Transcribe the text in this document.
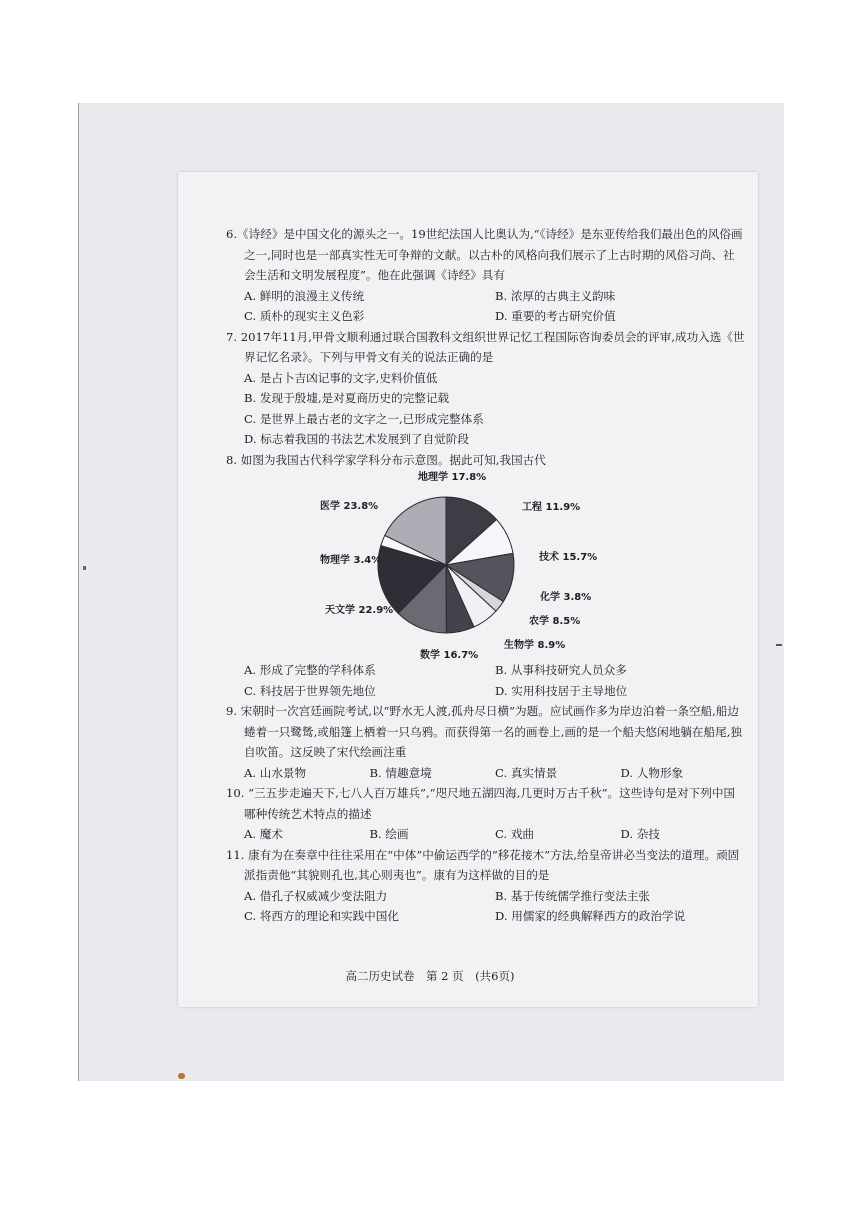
6.《诗经》是中国文化的源头之一。19世纪法国人比奥认为,“《诗经》是东亚传给我们最出色的风俗画之一,同时也是一部真实性无可争辩的文献。以古朴的风格向我们展示了上古时期的风俗习尚、社会生活和文明发展程度”。他在此强调《诗经》具有

A. 鲜明的浪漫主义传统	B. 浓厚的古典主义韵味
C. 质朴的现实主义色彩	D. 重要的考古研究价值

7. 2017年11月,甲骨文顺利通过联合国教科文组织世界记忆工程国际咨询委员会的评审,成功入选《世界记忆名录》。下列与甲骨文有关的说法正确的是

A. 是占卜吉凶记事的文字,史料价值低
B. 发现于殷墟,是对夏商历史的完整记载
C. 是世界上最古老的文字之一,已形成完整体系
D. 标志着我国的书法艺术发展到了自觉阶段

8. 如图为我国古代科学家学科分布示意图。据此可知,我国古代

地理学 17.8%
工程 11.9%
技术 15.7%
化学 3.8%
农学 8.5%
生物学 8.9%
数学 16.7%
天文学 22.9%
物理学 3.4%
医学 23.8%
A. 形成了完整的学科体系	B. 从事科技研究人员众多
C. 科技居于世界领先地位	D. 实用科技居于主导地位

9. 宋朝时一次宫廷画院考试,以“野水无人渡,孤舟尽日横”为题。应试画作多为岸边泊着一条空船,船边蜷着一只鹭鸶,或船篷上栖着一只乌鸦。而获得第一名的画卷上,画的是一个船夫悠闲地躺在船尾,独自吹笛。这反映了宋代绘画注重

A. 山水景物	B. 情趣意境	C. 真实情景	D. 人物形象

10. “三五步走遍天下,七八人百万雄兵”,“咫尺地五湖四海,几更时万古千秋”。这些诗句是对下列中国哪种传统艺术特点的描述

A. 魔术	B. 绘画	C. 戏曲	D. 杂技

11. 康有为在奏章中往往采用在“中体”中偷运西学的“移花接木”方法,给皇帝讲必当变法的道理。顽固派指责他“其貌则孔也,其心则夷也”。康有为这样做的目的是

A. 借孔子权威减少变法阻力	B. 基于传统儒学推行变法主张
C. 将西方的理论和实践中国化	D. 用儒家的经典解释西方的政治学说
高二历史试卷　第 2 页　(共6页)
